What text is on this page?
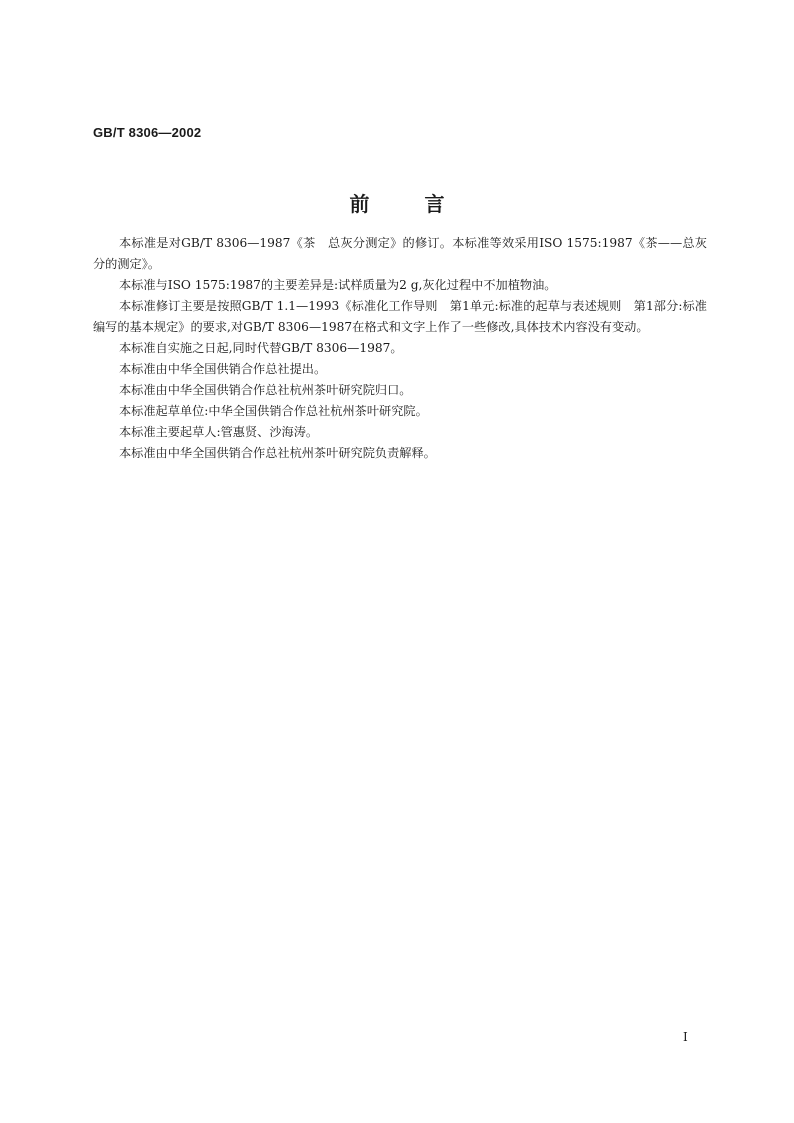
GB/T 8306—2002
前言

本标准是对GB/T 8306—1987《茶　总灰分测定》的修订。本标准等效采用ISO 1575:1987《茶——总灰分的测定》。

本标准与ISO 1575:1987的主要差异是:试样质量为2 g,灰化过程中不加植物油。

本标准修订主要是按照GB/T 1.1—1993《标准化工作导则　第1单元:标准的起草与表述规则　第1部分:标准编写的基本规定》的要求,对GB/T 8306—1987在格式和文字上作了一些修改,具体技术内容没有变动。

本标准自实施之日起,同时代替GB/T 8306—1987。

本标准由中华全国供销合作总社提出。

本标准由中华全国供销合作总社杭州茶叶研究院归口。

本标准起草单位:中华全国供销合作总社杭州茶叶研究院。

本标准主要起草人:管惠贤、沙海涛。

本标准由中华全国供销合作总社杭州茶叶研究院负责解释。

I
